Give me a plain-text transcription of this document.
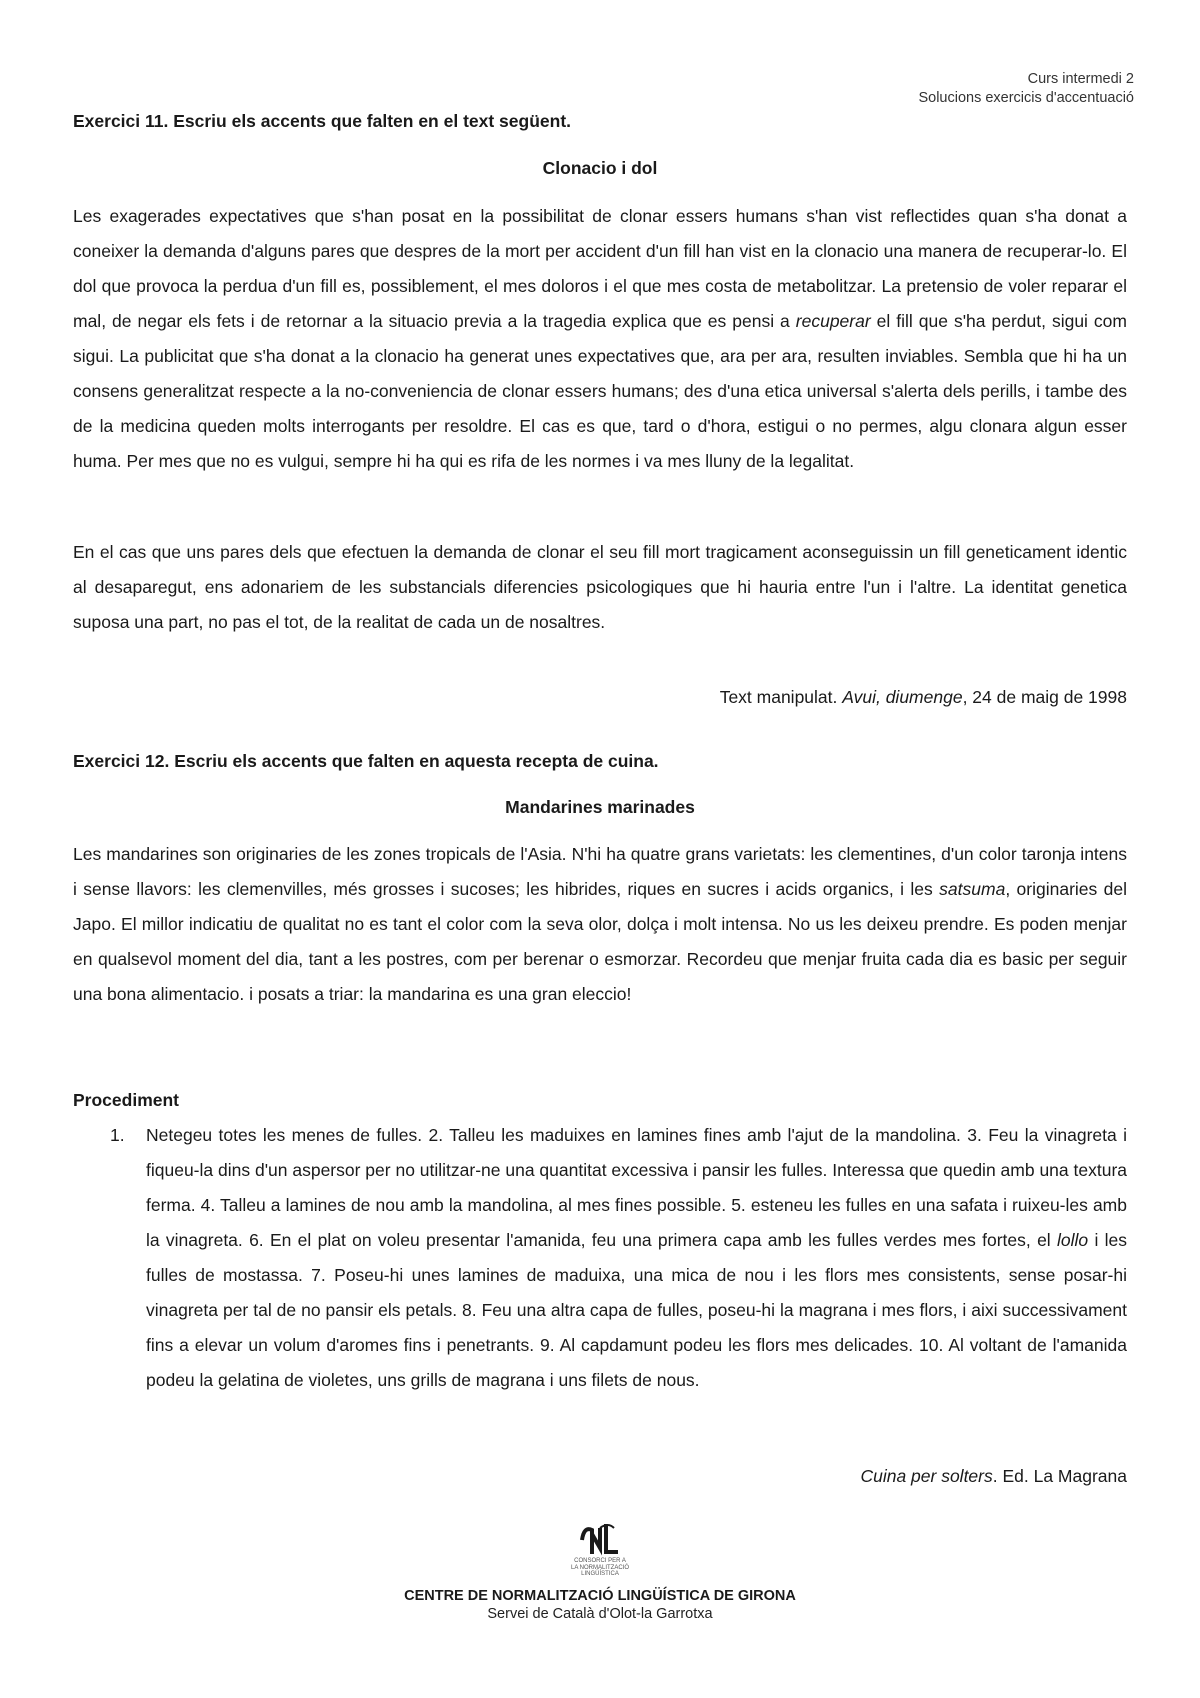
Curs intermedi 2
Solucions exercicis d'accentuació

Exercici 11. Escriu els accents que falten en el text següent.

Clonacio i dol

Les exagerades expectatives que s'han posat en la possibilitat de clonar essers humans s'han vist reflectides quan s'ha donat a coneixer la demanda d'alguns pares que despres de la mort per accident d'un fill han vist en la clonacio una manera de recuperar-lo. El dol que provoca la perdua d'un fill es, possiblement, el mes doloros i el que mes costa de metabolitzar. La pretensio de voler reparar el mal, de negar els fets i de retornar a la situacio previa a la tragedia explica que es pensi a recuperar el fill que s'ha perdut, sigui com sigui. La publicitat que s'ha donat a la clonacio ha generat unes expectatives que, ara per ara, resulten inviables. Sembla que hi ha un consens generalitzat respecte a la no-conveniencia de clonar essers humans; des d'una etica universal s'alerta dels perills, i tambe des de la medicina queden molts interrogants per resoldre. El cas es que, tard o d'hora, estigui o no permes, algu clonara algun esser huma. Per mes que no es vulgui, sempre hi ha qui es rifa de les normes i va mes lluny de la legalitat.

En el cas que uns pares dels que efectuen la demanda de clonar el seu fill mort tragicament aconseguissin un fill geneticament identic al desaparegut, ens adonariem de les substancials diferencies psicologiques que hi hauria entre l'un i l'altre. La identitat genetica suposa una part, no pas el tot, de la realitat de cada un de nosaltres.

Text manipulat. Avui, diumenge, 24 de maig de 1998

Exercici 12. Escriu els accents que falten en aquesta recepta de cuina.

Mandarines marinades

Les mandarines son originaries de les zones tropicals de l'Asia. N'hi ha quatre grans varietats: les clementines, d'un color taronja intens i sense llavors: les clemenvilles, més grosses i sucoses; les hibrides, riques en sucres i acids organics, i les satsuma, originaries del Japo. El millor indicatiu de qualitat no es tant el color com la seva olor, dolça i molt intensa. No us les deixeu prendre. Es poden menjar en qualsevol moment del dia, tant a les postres, com per berenar o esmorzar. Recordeu que menjar fruita cada dia es basic per seguir una bona alimentacio. i posats a triar: la mandarina es una gran eleccio!

Procediment

1. Netegeu totes les menes de fulles. 2. Talleu les maduixes en lamines fines amb l'ajut de la mandolina. 3. Feu la vinagreta i fiqueu-la dins d'un aspersor per no utilitzar-ne una quantitat excessiva i pansir les fulles. Interessa que quedin amb una textura ferma. 4. Talleu a lamines de nou amb la mandolina, al mes fines possible. 5. esteneu les fulles en una safata i ruixeu-les amb la vinagreta. 6. En el plat on voleu presentar l'amanida, feu una primera capa amb les fulles verdes mes fortes, el lollo i les fulles de mostassa. 7. Poseu-hi unes lamines de maduixa, una mica de nou i les flors mes consistents, sense posar-hi vinagreta per tal de no pansir els petals. 8. Feu una altra capa de fulles, poseu-hi la magrana i mes flors, i aixi successivament fins a elevar un volum d'aromes fins i penetrants. 9. Al capdamunt podeu les flors mes delicades. 10. Al voltant de l'amanida podeu la gelatina de violetes, uns grills de magrana i uns filets de nous.

Cuina per solters. Ed. La Magrana

CONSORCI PER A
LA NORMALITZACIÓ
LINGÜÍSTICA
CENTRE DE NORMALITZACIÓ LINGÜÍSTICA DE GIRONA
Servei de Català d'Olot-la Garrotxa
